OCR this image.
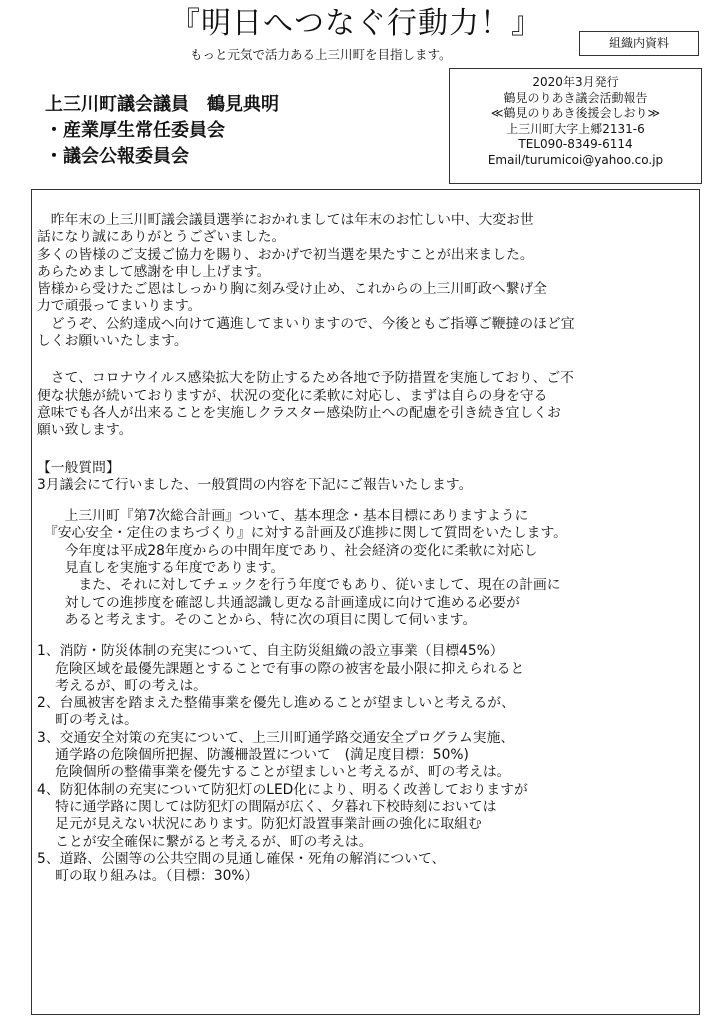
『明日へつなぐ行動力！』
もっと元気で活力ある上三川町を目指します。
組織内資料
上三川町議会議員 鶴見典明
・産業厚生常任委員会
・議会公報委員会
2020年3月発行
鶴見のりあき議会活動報告
≪鶴見のりあき後援会しおり≫
上三川町大字上郷2131-6
TEL090-8349-6114
Email/turumicoi@yahoo.co.jp

　昨年末の上三川町議会議員選挙におかれましては年末のお忙しい中、大変お世

話になり誠にありがとうございました。

多くの皆様のご支援ご協力を賜り、おかげで初当選を果たすことが出来ました。

あらためまして感謝を申し上げます。

皆様から受けたご恩はしっかり胸に刻み受け止め、これからの上三川町政へ繋げ全

力で頑張ってまいります。

　どうぞ、公約達成へ向けて邁進してまいりますので、今後ともご指導ご鞭撻のほど宜

しくお願いいたします。

　さて、コロナウイルス感染拡大を防止するため各地で予防措置を実施しており、ご不

便な状態が続いておりますが、状況の変化に柔軟に対応し、まずは自らの身を守る

意味でも各人が出来ることを実施しクラスター感染防止への配慮を引き続き宜しくお

願い致します。

【一般質問】

3月議会にて行いました、一般質問の内容を下記にご報告いたします。

　　上三川町『第7次総合計画』ついて、基本理念・基本目標にありますように

　『安心安全・定住のまちづくり』に対する計画及び進捗に関して質問をいたします。

　　今年度は平成28年度からの中間年度であり、社会経済の変化に柔軟に対応し

　　見直しを実施する年度であります。

　　　また、それに対してチェックを行う年度でもあり、従いまして、現在の計画に

　　対しての進捗度を確認し共通認識し更なる計画達成に向けて進める必要が

　　あると考えます。そのことから、特に次の項目に関して伺います。

1、消防・防災体制の充実について、自主防災組織の設立事業（目標45%）

　 危険区域を最優先課題とすることで有事の際の被害を最小限に抑えられると

　 考えるが、町の考えは。

2、台風被害を踏まえた整備事業を優先し進めることが望ましいと考えるが、

　 町の考えは。

3、交通安全対策の充実について、上三川町通学路交通安全プログラム実施、

　 通学路の危険個所把握、防護柵設置について　(満足度目標：50%)

　 危険個所の整備事業を優先することが望ましいと考えるが、町の考えは。

4、防犯体制の充実について防犯灯のLED化により、明るく改善しておりますが

　 特に通学路に関しては防犯灯の間隔が広く、夕暮れ下校時刻においては

　 足元が見えない状況にあります。防犯灯設置事業計画の強化に取組む

　 ことが安全確保に繋がると考えるが、町の考えは。

5、道路、公園等の公共空間の見通し確保・死角の解消について、

　 町の取り組みは。（目標：30%）
